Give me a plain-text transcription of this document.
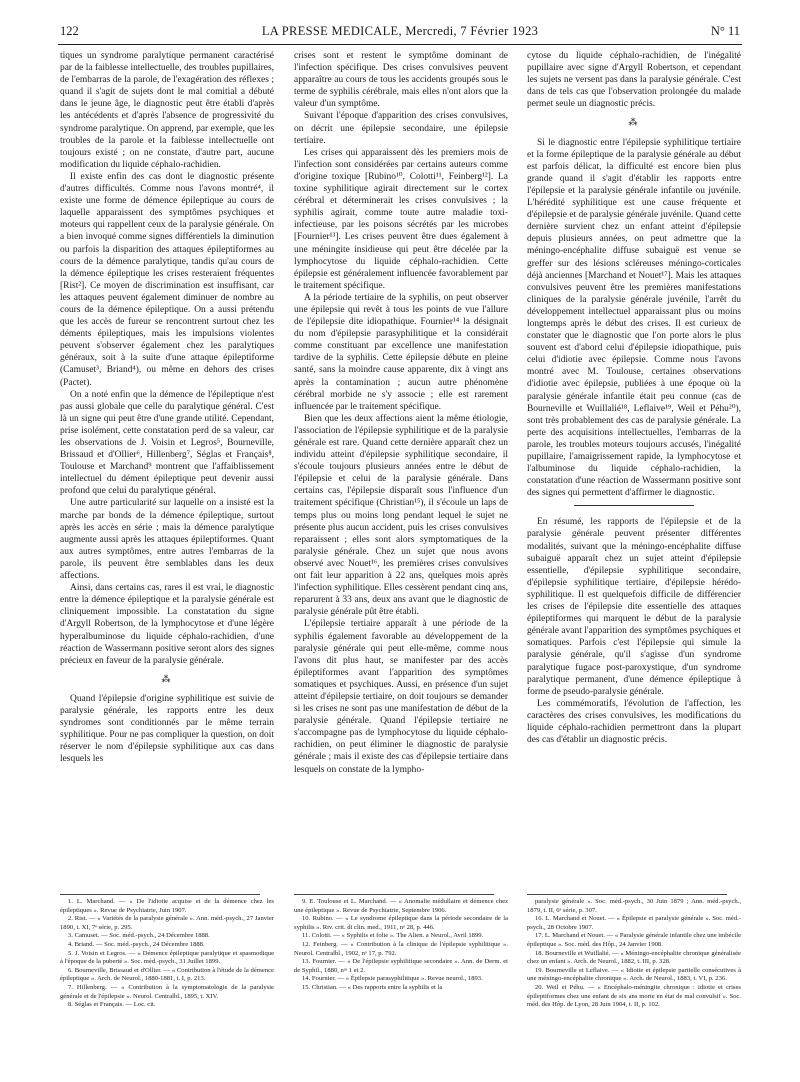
122	LA PRESSE MEDICALE, Mercredi, 7 Février 1923	N° 11

tiques un syndrome paralytique permanent caractérisé par de la faiblesse intellectuelle, des troubles pupillaires, de l'embarras de la parole, de l'exagération des réflexes ; quand il s'agit de sujets dont le mal comitial a débuté dans le jeune âge, le diagnostic peut être établi d'après les antécédents et d'après l'absence de progressivité du syndrome paralytique. On apprend, par exemple, que les troubles de la parole et la faiblesse intellectuelle ont toujours existé ; on ne constate, d'autre part, aucune modification du liquide céphalo-rachidien.

Il existe enfin des cas dont le diagnostic présente d'autres difficultés. Comme nous l'avons montré⁴, il existe une forme de démence épileptique au cours de laquelle apparaissent des symptômes psychiques et moteurs qui rappellent ceux de la paralysie générale. On a bien invoqué comme signes différentiels la diminution ou parfois la disparition des attaques épileptiformes au cours de la démence paralytique, tandis qu'au cours de la démence épileptique les crises resteraient fréquentes [Rist²]. Ce moyen de discrimination est insuffisant, car les attaques peuvent également diminuer de nombre au cours de la démence épileptique. On a aussi prétendu que les accès de fureur se rencontrent surtout chez les déments épileptiques, mais les impulsions violentes peuvent s'observer également chez les paralytiques généraux, soit à la suite d'une attaque épileptiforme (Camuset³, Briand⁴), ou même en dehors des crises (Pactet).

On a noté enfin que la démence de l'épileptique n'est pas aussi globale que celle du paralytique général. C'est là un signe qui peut être d'une grande utilité. Cependant, prise isolément, cette constatation perd de sa valeur, car les observations de J. Voisin et Legros⁵, Bourneville, Brissaud et d'Ollier⁶, Hillenberg⁷, Séglas et Français⁸, Toulouse et Marchand⁹ montrent que l'affaiblissement intellectuel du dément épileptique peut devenir aussi profond que celui du paralytique général.

Une autre particularité sur laquelle on a insisté est la marche par bonds de la démence épileptique, surtout après les accès en série ; mais la démence paralytique augmente aussi après les attaques épileptiformes. Quant aux autres symptômes, entre autres l'embarras de la parole, ils peuvent être semblables dans les deux affections.

Ainsi, dans certains cas, rares il est vrai, le diagnostic entre la démence épileptique et la paralysie générale est cliniquement impossible. La constatation du signe d'Argyll Robertson, de la lymphocytose et d'une légère hyperalbuminose du liquide céphalo-rachidien, d'une réaction de Wassermann positive seront alors des signes précieux en faveur de la paralysie générale.

⁂

Quand l'épilepsie d'origine syphilitique est suivie de paralysie générale, les rapports entre les deux syndromes sont conditionnés par le même terrain syphilitique. Pour ne pas compliquer la question, on doit réserver le nom d'épilepsie syphilitique aux cas dans lesquels les

crises sont et restent le symptôme dominant de l'infection spécifique. Des crises convulsives peuvent apparaître au cours de tous les accidents groupés sous le terme de syphilis cérébrale, mais elles n'ont alors que la valeur d'un symptôme.

Suivant l'époque d'apparition des crises convulsives, on décrit une épilepsie secondaire, une épilepsie tertiaire.

Les crises qui apparaissent dès les premiers mois de l'infection sont considérées par certains auteurs comme d'origine toxique [Rubino¹⁰, Colotti¹¹, Feinberg¹²]. La toxine syphilitique agirait directement sur le cortex cérébral et déterminerait les crises convulsives ; la syphilis agirait, comme toute autre maladie toxi-infectieuse, par les poisons sécrétés par les microbes [Fournier¹³]. Les crises peuvent être dues également à une méningite insidieuse qui peut être décelée par la lymphocytose du liquide céphalo-rachidien. Cette épilepsie est généralement influencée favorablement par le traitement spécifique.

A la période tertiaire de la syphilis, on peut observer une épilepsie qui revêt à tous les points de vue l'allure de l'épilepsie dite idiopathique. Fournier¹⁴ la désignait du nom d'épilepsie parasyphilitique et la considérait comme constituant par excellence une manifestation tardive de la syphilis. Cette épilepsie débute en pleine santé, sans la moindre cause apparente, dix à vingt ans après la contamination ; aucun autre phénomène cérébral morbide ne s'y associe ; elle est rarement influencée par le traitement spécifique.

Bien que les deux affections aient la même étiologie, l'association de l'épilepsie syphilitique et de la paralysie générale est rare. Quand cette dernière apparaît chez un individu atteint d'épilepsie syphilitique secondaire, il s'écoule toujours plusieurs années entre le début de l'épilepsie et celui de la paralysie générale. Dans certains cas, l'épilepsie disparaît sous l'influence d'un traitement spécifique (Christian¹⁵), il s'écoule un laps de temps plus ou moins long pendant lequel le sujet ne présente plus aucun accident, puis les crises convulsives reparaissent ; elles sont alors symptomatiques de la paralysie générale. Chez un sujet que nous avons observé avec Nouet¹⁶, les premières crises convulsives ont fait leur apparition à 22 ans, quelques mois après l'infection syphilitique. Elles cessèrent pendant cinq ans, reparurent à 33 ans, deux ans avant que le diagnostic de paralysie générale pût être établi.

L'épilepsie tertiaire apparaît à une période de la syphilis également favorable au développement de la paralysie générale qui peut elle-même, comme nous l'avons dit plus haut, se manifester par des accès épileptiformes avant l'apparition des symptômes somatiques et psychiques. Aussi, en présence d'un sujet atteint d'épilepsie tertiaire, on doit toujours se demander si les crises ne sont pas une manifestation de début de la paralysie générale. Quand l'épilepsie tertiaire ne s'accompagne pas de lymphocytose du liquide céphalo-rachidien, on peut éliminer le diagnostic de paralysie générale ; mais il existe des cas d'épilepsie tertiaire dans lesquels on constate de la lympho-

cytose du liquide céphalo-rachidien, de l'inégalité pupillaire avec signe d'Argyll Robertson, et cependant les sujets ne versent pas dans la paralysie générale. C'est dans de tels cas que l'observation prolongée du malade permet seule un diagnostic précis.

⁂

Si le diagnostic entre l'épilepsie syphilitique tertiaire et la forme épileptique de la paralysie générale au début est parfois délicat, la difficulté est encore bien plus grande quand il s'agit d'établir les rapports entre l'épilepsie et la paralysie générale infantile ou juvénile. L'hérédité syphilitique est une cause fréquente et d'épilepsie et de paralysie générale juvénile. Quand cette dernière survient chez un enfant atteint d'épilepsie depuis plusieurs années, on peut admettre que la méningo-encéphalite diffuse subaiguë est venue se greffer sur des lésions scléreuses méningo-corticales déjà anciennes [Marchand et Nouet¹⁷]. Mais les attaques convulsives peuvent être les premières manifestations cliniques de la paralysie générale juvénile, l'arrêt du développement intellectuel apparaissant plus ou moins longtemps après le début des crises. Il est curieux de constater que le diagnostic que l'on porte alors le plus souvent est d'abord celui d'épilepsie idiopathique, puis celui d'idiotie avec épilepsie. Comme nous l'avons montré avec M. Toulouse, certaines observations d'idiotie avec épilepsie, publiées à une époque où la paralysie générale infantile était peu connue (cas de Bourneville et Wuillalié¹⁸, Leflaive¹⁹, Weil et Péhu²⁰), sont très probablement des cas de paralysie générale. La perte des acquisitions intellectuelles, l'embarras de la parole, les troubles moteurs toujours accusés, l'inégalité pupillaire, l'amaigrissement rapide, la lymphocytose et l'albuminose du liquide céphalo-rachidien, la constatation d'une réaction de Wassermann positive sont des signes qui permettent d'affirmer le diagnostic.

En résumé, les rapports de l'épilepsie et de la paralysie générale peuvent présenter différentes modalités, suivant que la méningo-encéphalite diffuse subaiguë apparaît chez un sujet atteint d'épilepsie essentielle, d'épilepsie syphilitique secondaire, d'épilepsie syphilitique tertiaire, d'épilepsie hérédo-syphilitique. Il est quelquefois difficile de différencier les crises de l'épilepsie dite essentielle des attaques épileptiformes qui marquent le début de la paralysie générale avant l'apparition des symptômes psychiques et somatiques. Parfois c'est l'épilepsie qui simule la paralysie générale, qu'il s'agisse d'un syndrome paralytique fugace post-paroxystique, d'un syndrome paralytique permanent, d'une démence épileptique à forme de pseudo-paralysie générale.

Les commémoratifs, l'évolution de l'affection, les caractères des crises convulsives, les modifications du liquide céphalo-rachidien permettront dans la plupart des cas d'établir un diagnostic précis.

1. L. Marchand. — « De l'idiotie acquise et de la démence chez les épileptiques ». Revue de Psychiatrie, Juin 1907.
2. Rist. — « Variétés de la paralysie générale ». Ann. méd.-psych., 27 Janvier 1890, t. XI, 7ᵉ série, p. 295.
3. Camuset. — Soc. méd.-psych., 24 Décembre 1888.
4. Briand. — Soc. méd.-psych., 24 Décembre 1888.
5. J. Voisin et Legros. — « Démence épileptique paralytique et spasmodique à l'époque de la puberté ». Soc. méd.-psych., 31 Juillet 1899.
6. Bourneville, Brissaud et d'Ollier. — « Contribution à l'étude de la démence épileptique ». Arch. de Neurol., 1880-1881, t. I, p. 213.
7. Hillenberg. — « Contribution à la symptomatologie de la paralysie générale et de l'épilepsie ». Neurol. Centralbl., 1895, t. XIV.
8. Séglas et Français. — Loc. cit.
9. E. Toulouse et L. Marchand. — « Anomalie médullaire et démence chez une épileptique ». Revue de Psychiatrie, Septembre 1906.
10. Rubino. — « Le syndrome épileptique dans la période secondaire de la syphilis ». Riv. crit. di clin. med., 1911, nᵒ 28, p. 446.
11. Colotti. — « Syphilis et folie ». The Alien. a Neurol., Avril 1899.
12. Feinberg. — « Contribution à la clinique de l'épilepsie syphilitique ». Neurol. Centralbl., 1902, nᵒ 17, p. 792.
13. Fournier. — « De l'épilepsie syphilitique secondaire ». Ann. de Derm. et de Syphil., 1880, nᵒˢ 1 et 2.
14. Fournier. — « Épilepsie parasyphilitique ». Revue neurol., 1893.
15. Christian. — « Des rapports entre la syphilis et la
paralysie générale ». Soc. méd.-psych., 30 Juin 1879 ; Ann. méd.-psych., 1879, t. II, 6ᵉ série, p. 307.
16. L. Marchand et Nouet. — « Épilepsie et paralysie générale ». Soc. méd.-psych., 28 Octobre 1907.
17. L. Marchand et Nouet. — « Paralysie générale infantile chez une imbécile épileptique ». Soc. méd. des Hôp., 24 Janvier 1908.
18. Bourneville et Wuillalié. — « Méningo-encéphalite chronique généralisée chez un enfant ». Arch. de Neurol., 1882, t. III, p. 328.
19. Bourneville et Leflaive. — « Idiotie et épilepsie partielle consécutives à une méningo-encéphalite chronique ». Arch. de Neurol., 1883, t. VI, p. 236.
20. Weil et Péhu. — « Encéphalo-méningite chronique : idiotie et crises épileptiformes chez une enfant de six ans morte en état de mal convulsif ». Soc. méd. des Hôp. de Lyon, 28 Juin 1904, t. II, p. 102.
